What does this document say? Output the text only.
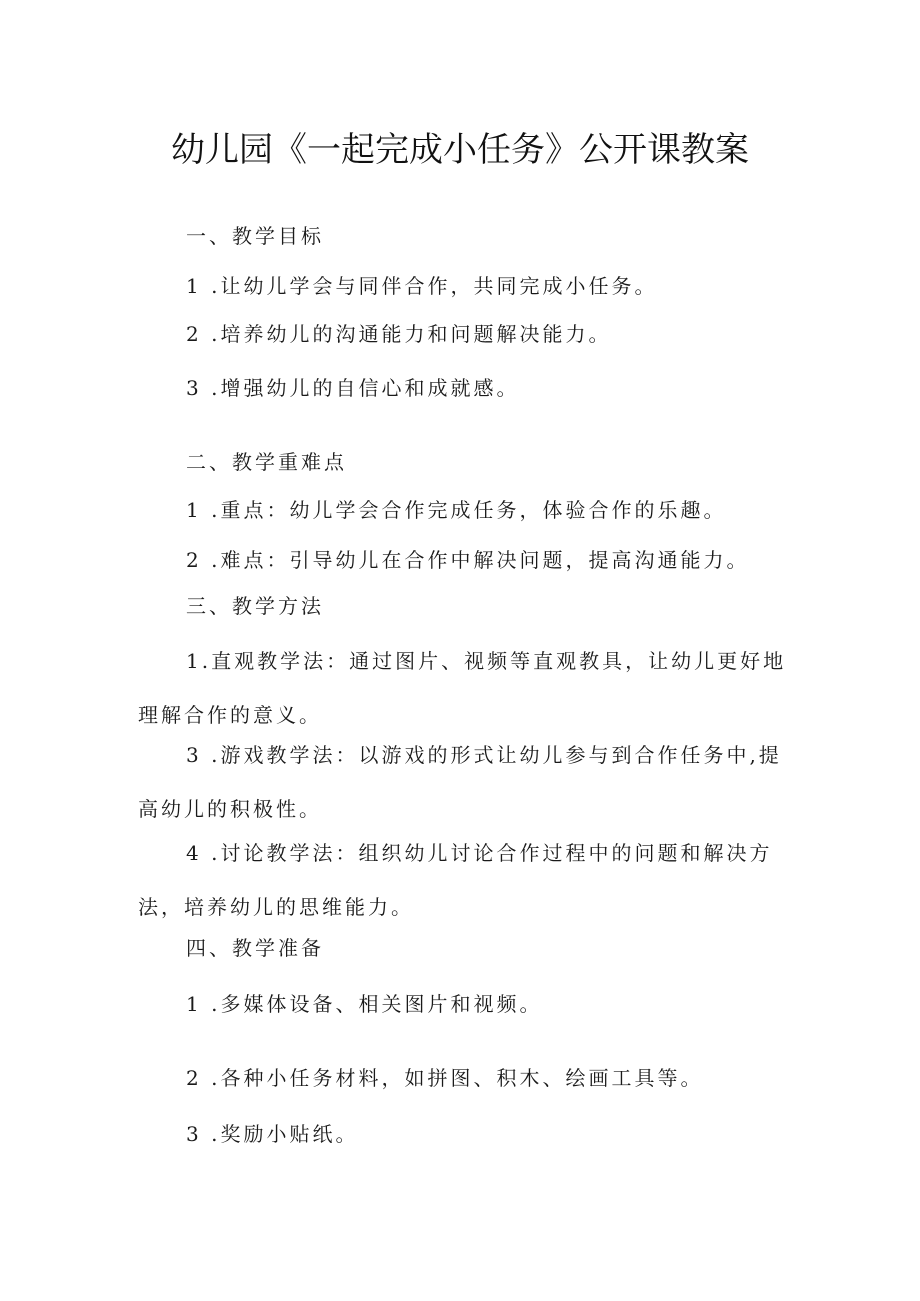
幼儿园《一起完成小任务》公开课教案
一、教学目标
1 .让幼儿学会与同伴合作，共同完成小任务。
2 .培养幼儿的沟通能力和问题解决能力。
3 .增强幼儿的自信心和成就感。
二、教学重难点
1 .重点：幼儿学会合作完成任务，体验合作的乐趣。
2 .难点：引导幼儿在合作中解决问题，提高沟通能力。
三、教学方法
1.直观教学法：通过图片、视频等直观教具，让幼儿更好地理解合作的意义。
3 .游戏教学法：以游戏的形式让幼儿参与到合作任务中,提高幼儿的积极性。
4 .讨论教学法：组织幼儿讨论合作过程中的问题和解决方法，培养幼儿的思维能力。
四、教学准备
1 .多媒体设备、相关图片和视频。
2 .各种小任务材料，如拼图、积木、绘画工具等。
3 .奖励小贴纸。
